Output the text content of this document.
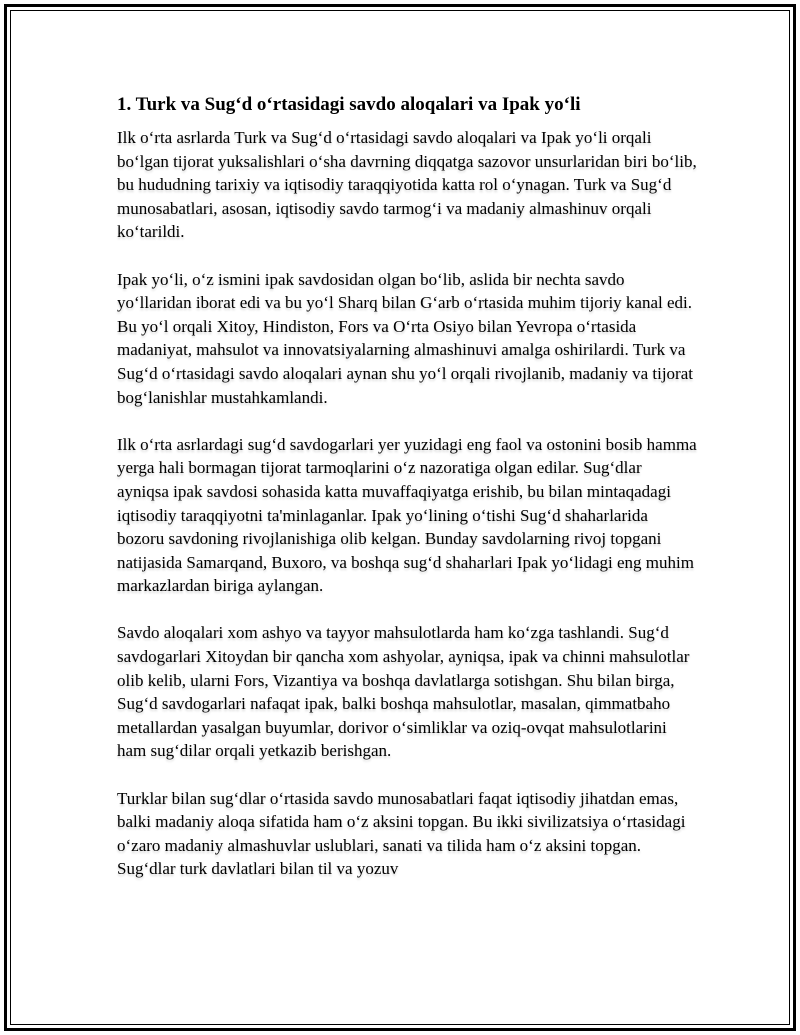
1. Turk va Sug‘d o‘rtasidagi savdo aloqalari va Ipak yo‘li

Ilk o‘rta asrlarda Turk va Sug‘d o‘rtasidagi savdo aloqalari va Ipak yo‘li orqali bo‘lgan tijorat yuksalishlari o‘sha davrning diqqatga sazovor unsurlaridan biri bo‘lib, bu hududning tarixiy va iqtisodiy taraqqiyotida katta rol o‘ynagan. Turk va Sug‘d munosabatlari, asosan, iqtisodiy savdo tarmog‘i va madaniy almashinuv orqali ko‘tarildi.

Ipak yo‘li, o‘z ismini ipak savdosidan olgan bo‘lib, aslida bir nechta savdo yo‘llaridan iborat edi va bu yo‘l Sharq bilan G‘arb o‘rtasida muhim tijoriy kanal edi. Bu yo‘l orqali Xitoy, Hindiston, Fors va O‘rta Osiyo bilan Yevropa o‘rtasida madaniyat, mahsulot va innovatsiyalarning almashinuvi amalga oshirilardi. Turk va Sug‘d o‘rtasidagi savdo aloqalari aynan shu yo‘l orqali rivojlanib, madaniy va tijorat bog‘lanishlar mustahkamlandi.

Ilk o‘rta asrlardagi sug‘d savdogarlari yer yuzidagi eng faol va ostonini bosib hamma yerga hali bormagan tijorat tarmoqlarini o‘z nazoratiga olgan edilar. Sug‘dlar ayniqsa ipak savdosi sohasida katta muvaffaqiyatga erishib, bu bilan mintaqadagi iqtisodiy taraqqiyotni ta'minlaganlar. Ipak yo‘lining o‘tishi Sug‘d shaharlarida bozoru savdoning rivojlanishiga olib kelgan. Bunday savdolarning rivoj topgani natijasida Samarqand, Buxoro, va boshqa sug‘d shaharlari Ipak yo‘lidagi eng muhim markazlardan biriga aylangan.

Savdo aloqalari xom ashyo va tayyor mahsulotlarda ham ko‘zga tashlandi. Sug‘d savdogarlari Xitoydan bir qancha xom ashyolar, ayniqsa, ipak va chinni mahsulotlar olib kelib, ularni Fors, Vizantiya va boshqa davlatlarga sotishgan. Shu bilan birga, Sug‘d savdogarlari nafaqat ipak, balki boshqa mahsulotlar, masalan, qimmatbaho metallardan yasalgan buyumlar, dorivor o‘simliklar va oziq-ovqat mahsulotlarini ham sug‘dilar orqali yetkazib berishgan.

Turklar bilan sug‘dlar o‘rtasida savdo munosabatlari faqat iqtisodiy jihatdan emas, balki madaniy aloqa sifatida ham o‘z aksini topgan. Bu ikki sivilizatsiya o‘rtasidagi o‘zaro madaniy almashuvlar uslublari, sanati va tilida ham o‘z aksini topgan. Sug‘dlar turk davlatlari bilan til va yozuv
